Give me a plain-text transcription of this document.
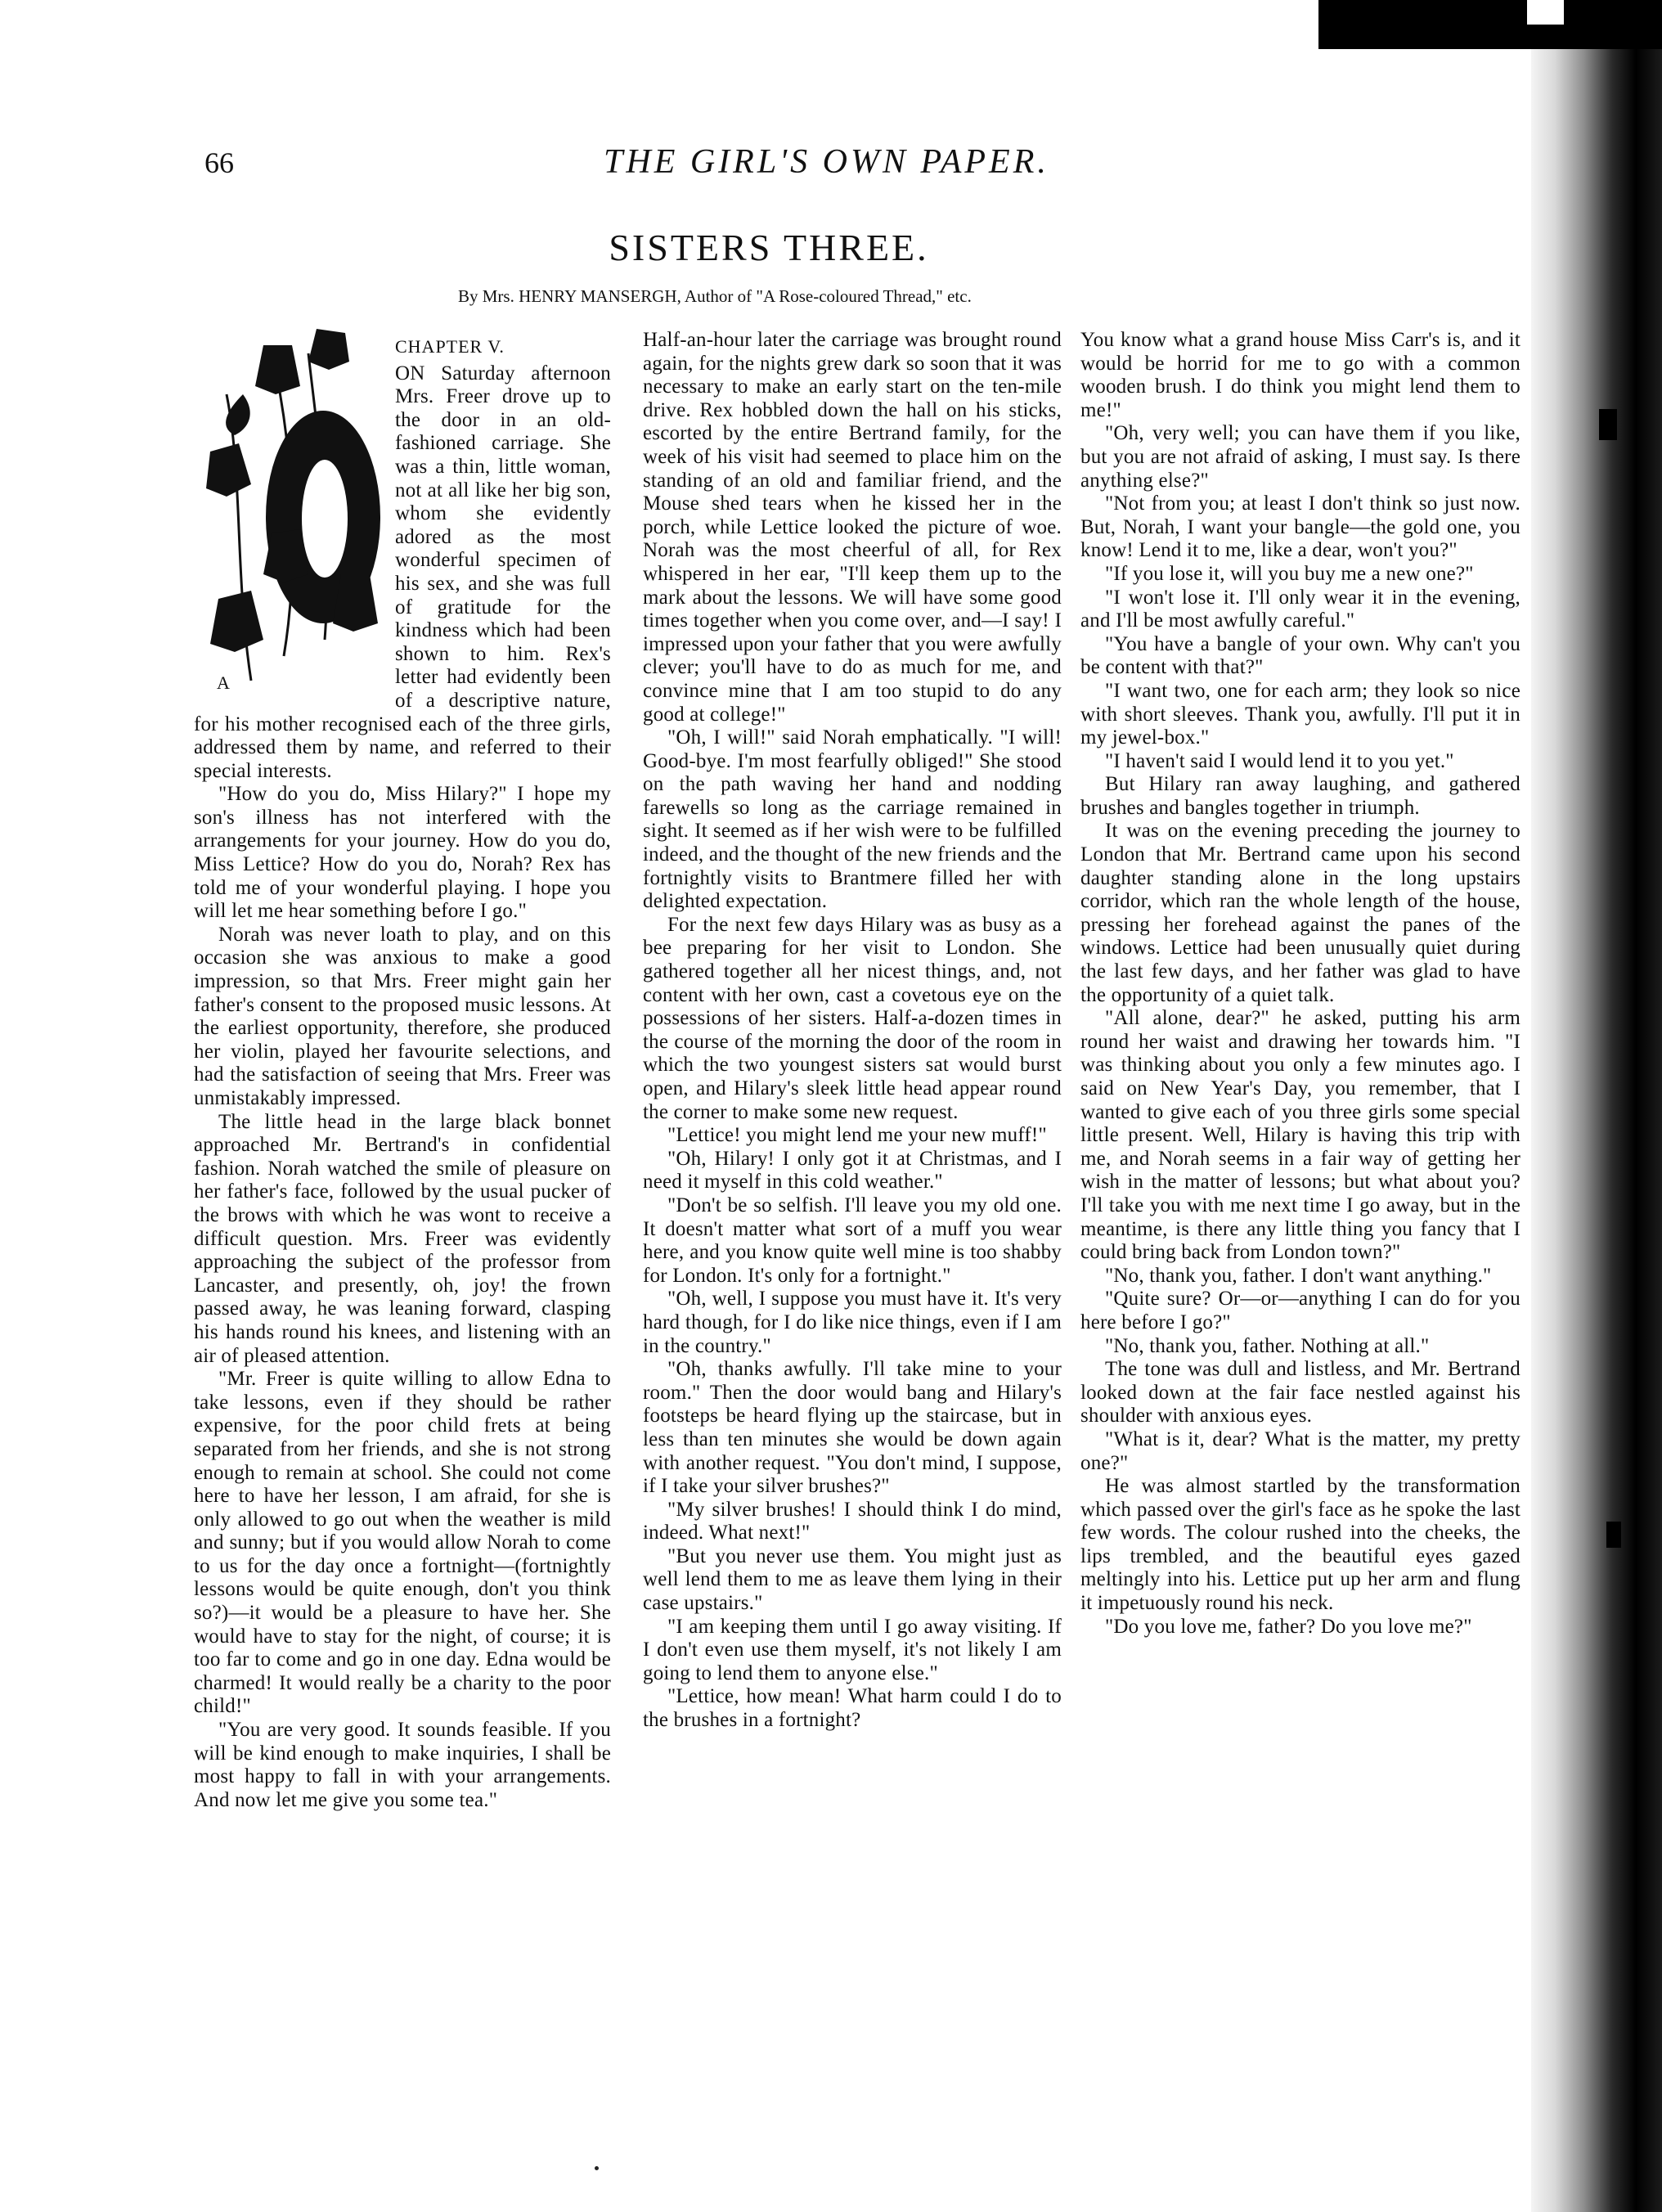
66	THE GIRL'S OWN PAPER.
SISTERS THREE.
By Mrs. HENRY MANSERGH, Author of "A Rose-coloured Thread," etc.
A
CHAPTER V.

ON Saturday afternoon Mrs. Freer drove up to the door in an old-fashioned carriage. She was a thin, little woman, not at all like her big son, whom she evidently adored as the most wonderful specimen of his sex, and she was full of gratitude for the kindness which had been shown to him. Rex's letter had evidently been of a descriptive nature, for his mother recognised each of the three girls, addressed them by name, and referred to their special interests.

"How do you do, Miss Hilary?" I hope my son's illness has not interfered with the arrangements for your journey. How do you do, Miss Lettice? How do you do, Norah? Rex has told me of your wonderful playing. I hope you will let me hear something before I go."

Norah was never loath to play, and on this occasion she was anxious to make a good impression, so that Mrs. Freer might gain her father's consent to the proposed music lessons. At the earliest opportunity, therefore, she produced her violin, played her favourite selections, and had the satisfaction of seeing that Mrs. Freer was unmistakably impressed.

The little head in the large black bonnet approached Mr. Bertrand's in confidential fashion. Norah watched the smile of pleasure on her father's face, followed by the usual pucker of the brows with which he was wont to receive a difficult question. Mrs. Freer was evidently approaching the subject of the professor from Lancaster, and presently, oh, joy! the frown passed away, he was leaning forward, clasping his hands round his knees, and listening with an air of pleased attention.

"Mr. Freer is quite willing to allow Edna to take lessons, even if they should be rather expensive, for the poor child frets at being separated from her friends, and she is not strong enough to remain at school. She could not come here to have her lesson, I am afraid, for she is only allowed to go out when the weather is mild and sunny; but if you would allow Norah to come to us for the day once a fortnight—(fortnightly lessons would be quite enough, don't you think so?)—it would be a pleasure to have her. She would have to stay for the night, of course; it is too far to come and go in one day. Edna would be charmed! It would really be a charity to the poor child!"

"You are very good. It sounds feasible. If you will be kind enough to make inquiries, I shall be most happy to fall in with your arrangements. And now let me give you some tea."

Half-an-hour later the carriage was brought round again, for the nights grew dark so soon that it was necessary to make an early start on the ten-mile drive. Rex hobbled down the hall on his sticks, escorted by the entire Bertrand family, for the week of his visit had seemed to place him on the standing of an old and familiar friend, and the Mouse shed tears when he kissed her in the porch, while Lettice looked the picture of woe. Norah was the most cheerful of all, for Rex whispered in her ear, "I'll keep them up to the mark about the lessons. We will have some good times together when you come over, and—I say! I impressed upon your father that you were awfully clever; you'll have to do as much for me, and convince mine that I am too stupid to do any good at college!"

"Oh, I will!" said Norah emphatically. "I will! Good-bye. I'm most fearfully obliged!" She stood on the path waving her hand and nodding farewells so long as the carriage remained in sight. It seemed as if her wish were to be fulfilled indeed, and the thought of the new friends and the fortnightly visits to Brantmere filled her with delighted expectation.

For the next few days Hilary was as busy as a bee preparing for her visit to London. She gathered together all her nicest things, and, not content with her own, cast a covetous eye on the possessions of her sisters. Half-a-dozen times in the course of the morning the door of the room in which the two youngest sisters sat would burst open, and Hilary's sleek little head appear round the corner to make some new request.

"Lettice! you might lend me your new muff!"

"Oh, Hilary! I only got it at Christmas, and I need it myself in this cold weather."

"Don't be so selfish. I'll leave you my old one. It doesn't matter what sort of a muff you wear here, and you know quite well mine is too shabby for London. It's only for a fortnight."

"Oh, well, I suppose you must have it. It's very hard though, for I do like nice things, even if I am in the country."

"Oh, thanks awfully. I'll take mine to your room." Then the door would bang and Hilary's footsteps be heard flying up the staircase, but in less than ten minutes she would be down again with another request. "You don't mind, I suppose, if I take your silver brushes?"

"My silver brushes! I should think I do mind, indeed. What next!"

"But you never use them. You might just as well lend them to me as leave them lying in their case upstairs."

"I am keeping them until I go away visiting. If I don't even use them myself, it's not likely I am going to lend them to anyone else."

"Lettice, how mean! What harm could I do to the brushes in a fortnight?

You know what a grand house Miss Carr's is, and it would be horrid for me to go with a common wooden brush. I do think you might lend them to me!"

"Oh, very well; you can have them if you like, but you are not afraid of asking, I must say. Is there anything else?"

"Not from you; at least I don't think so just now. But, Norah, I want your bangle—the gold one, you know! Lend it to me, like a dear, won't you?"

"If you lose it, will you buy me a new one?"

"I won't lose it. I'll only wear it in the evening, and I'll be most awfully careful."

"You have a bangle of your own. Why can't you be content with that?"

"I want two, one for each arm; they look so nice with short sleeves. Thank you, awfully. I'll put it in my jewel-box."

"I haven't said I would lend it to you yet."

But Hilary ran away laughing, and gathered brushes and bangles together in triumph.

It was on the evening preceding the journey to London that Mr. Bertrand came upon his second daughter standing alone in the long upstairs corridor, which ran the whole length of the house, pressing her forehead against the panes of the windows. Lettice had been unusually quiet during the last few days, and her father was glad to have the opportunity of a quiet talk.

"All alone, dear?" he asked, putting his arm round her waist and drawing her towards him. "I was thinking about you only a few minutes ago. I said on New Year's Day, you remember, that I wanted to give each of you three girls some special little present. Well, Hilary is having this trip with me, and Norah seems in a fair way of getting her wish in the matter of lessons; but what about you? I'll take you with me next time I go away, but in the meantime, is there any little thing you fancy that I could bring back from London town?"

"No, thank you, father. I don't want anything."

"Quite sure? Or—or—anything I can do for you here before I go?"

"No, thank you, father. Nothing at all."

The tone was dull and listless, and Mr. Bertrand looked down at the fair face nestled against his shoulder with anxious eyes.

"What is it, dear? What is the matter, my pretty one?"

He was almost startled by the transformation which passed over the girl's face as he spoke the last few words. The colour rushed into the cheeks, the lips trembled, and the beautiful eyes gazed meltingly into his. Lettice put up her arm and flung it impetuously round his neck.

"Do you love me, father? Do you love me?"
